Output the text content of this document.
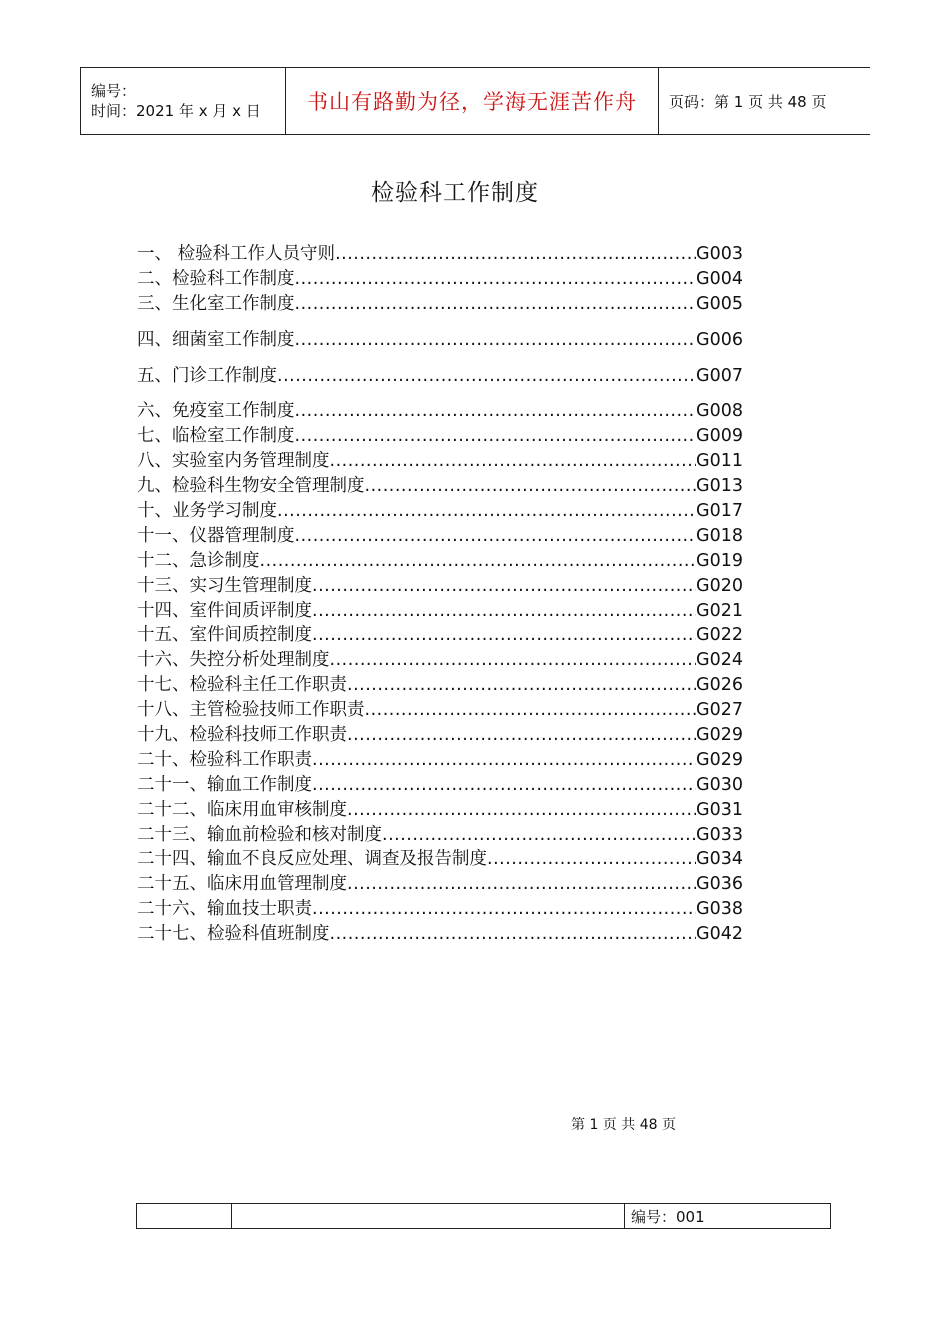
编号：
时间：2021 年 x 月 x 日	书山有路勤为径，学海无涯苦作舟	页码：第 1 页 共 48 页
检验科工作制度
一、 检验科工作人员守则 .....	G003
二、检验科工作制度 .....	G004
三、生化室工作制度 .....	G005
四、细菌室工作制度 .....	G006
五、门诊工作制度 .....	G007
六、免疫室工作制度 .....	G008
七、临检室工作制度 .....	G009
八、实验室内务管理制度 .....	G011
九、检验科生物安全管理制度 .....	G013
十、业务学习制度 .....	G017
十一、仪器管理制度 .....	G018
十二、急诊制度 .....	G019
十三、实习生管理制度 .....	G020
十四、室件间质评制度 .....	G021
十五、室件间质控制度 .....	G022
十六、失控分析处理制度 .....	G024
十七、检验科主任工作职责 .....	G026
十八、主管检验技师工作职责 .....	G027
十九、检验科技师工作职责 .....	G029
二十、检验科工作职责 .....	G029
二十一、输血工作制度 .....	G030
二十二、临床用血审核制度 .....	G031
二十三、输血前检验和核对制度 .....	G033
二十四、输血不良反应处理、调查及报告制度 .....	G034
二十五、临床用血管理制度 .....	G036
二十六、输血技士职责 .....	G038
二十七、检验科值班制度 .....	G042
第 1 页 共 48 页
		编号：001
